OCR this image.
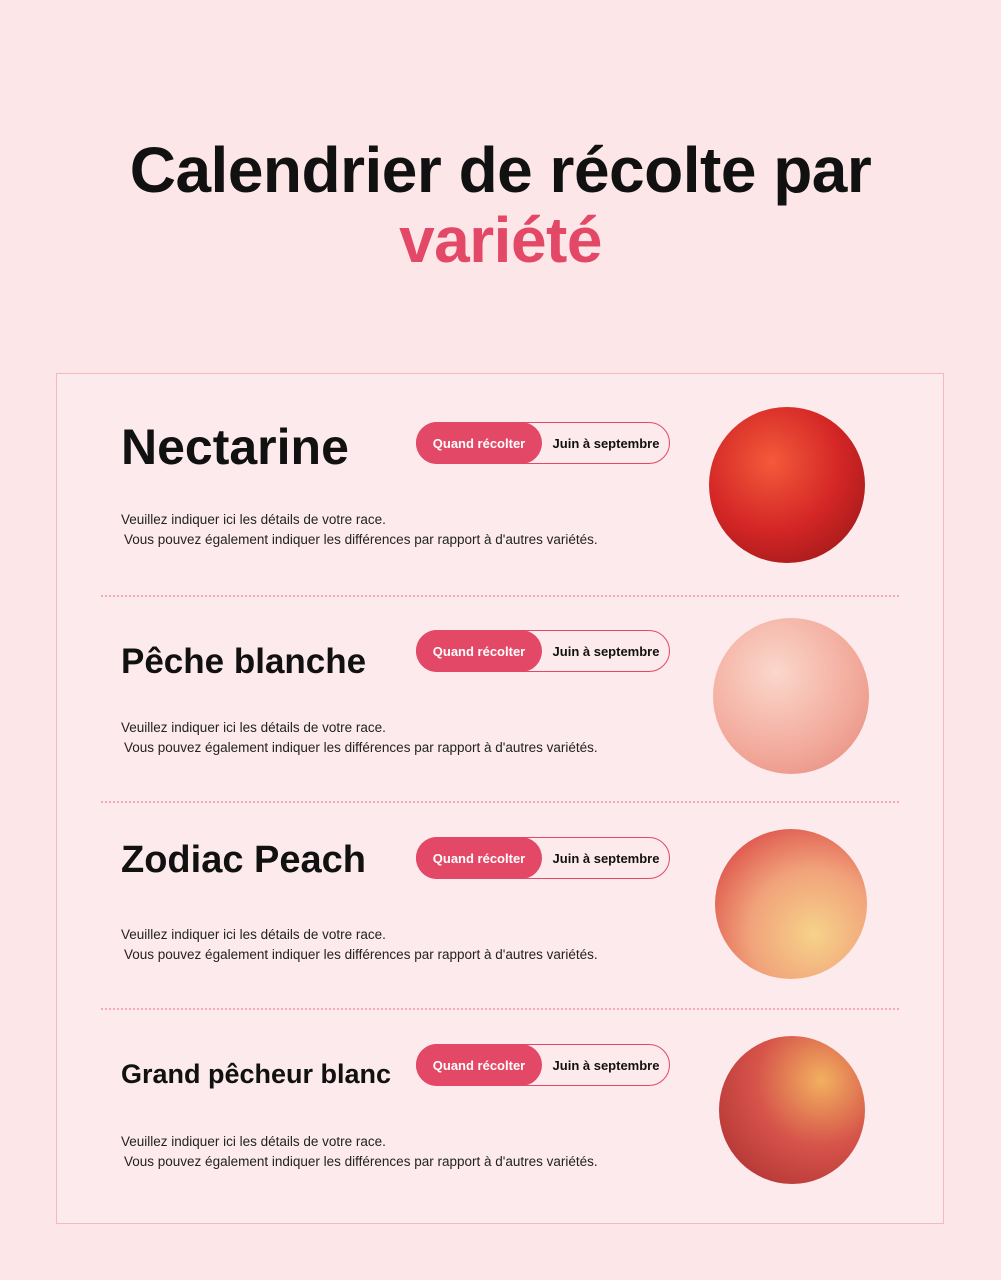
Calendrier de récolte par
variété
Nectarine	Quand récolter	Juin à septembre
Veuillez indiquer ici les détails de votre race.
Vous pouvez également indiquer les différences par rapport à d'autres variétés.
Pêche blanche	Quand récolter	Juin à septembre
Veuillez indiquer ici les détails de votre race.
Vous pouvez également indiquer les différences par rapport à d'autres variétés.
Zodiac Peach	Quand récolter	Juin à septembre
Veuillez indiquer ici les détails de votre race.
Vous pouvez également indiquer les différences par rapport à d'autres variétés.
Grand pêcheur blanc	Quand récolter	Juin à septembre
Veuillez indiquer ici les détails de votre race.
Vous pouvez également indiquer les différences par rapport à d'autres variétés.
